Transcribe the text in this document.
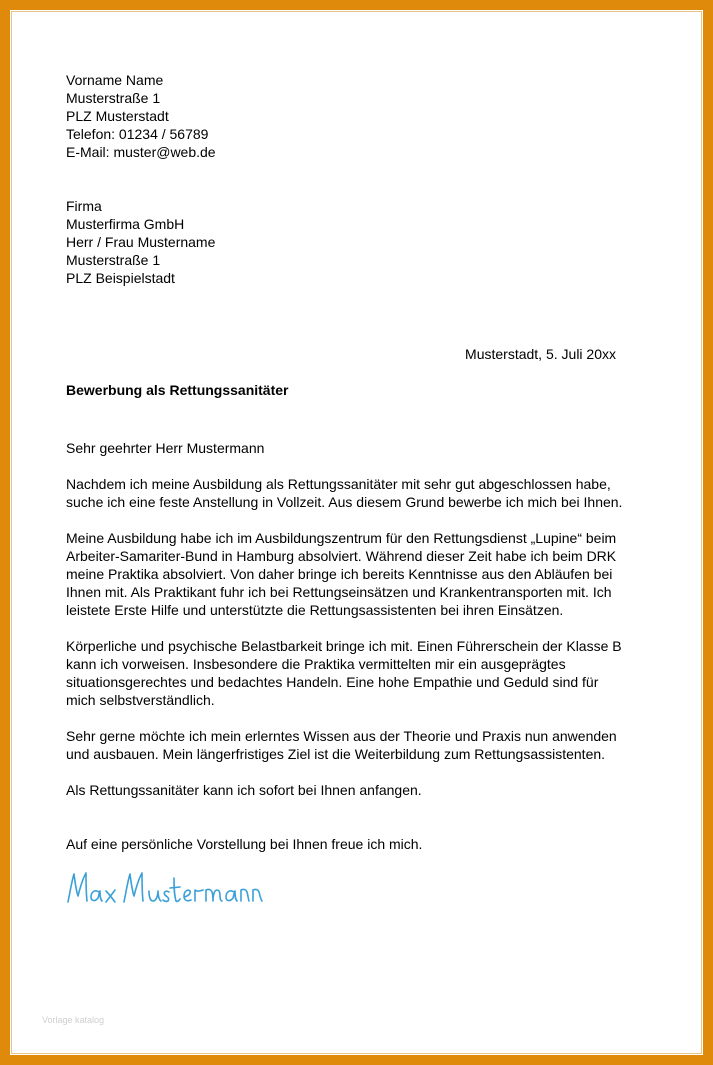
Vorname Name
Musterstraße 1
PLZ Musterstadt
Telefon: 01234 / 56789
E-Mail: muster@web.de
Firma
Musterfirma GmbH
Herr / Frau Mustername
Musterstraße 1
PLZ Beispielstadt
Musterstadt, 5. Juli 20xx
Bewerbung als Rettungssanitäter
Sehr geehrter Herr Mustermann
Nachdem ich meine Ausbildung als Rettungssanitäter mit sehr gut abgeschlossen habe,
suche ich eine feste Anstellung in Vollzeit. Aus diesem Grund bewerbe ich mich bei Ihnen.
Meine Ausbildung habe ich im Ausbildungszentrum für den Rettungsdienst „Lupine“ beim
Arbeiter-Samariter-Bund in Hamburg absolviert. Während dieser Zeit habe ich beim DRK
meine Praktika absolviert. Von daher bringe ich bereits Kenntnisse aus den Abläufen bei
Ihnen mit. Als Praktikant fuhr ich bei Rettungseinsätzen und Krankentransporten mit. Ich
leistete Erste Hilfe und unterstützte die Rettungsassistenten bei ihren Einsätzen.
Körperliche und psychische Belastbarkeit bringe ich mit. Einen Führerschein der Klasse B
kann ich vorweisen. Insbesondere die Praktika vermittelten mir ein ausgeprägtes
situationsgerechtes und bedachtes Handeln. Eine hohe Empathie und Geduld sind für
mich selbstverständlich.
Sehr gerne möchte ich mein erlerntes Wissen aus der Theorie und Praxis nun anwenden
und ausbauen. Mein längerfristiges Ziel ist die Weiterbildung zum Rettungsassistenten.
Als Rettungssanitäter kann ich sofort bei Ihnen anfangen.
Auf eine persönliche Vorstellung bei Ihnen freue ich mich.
Vorlage katalog
